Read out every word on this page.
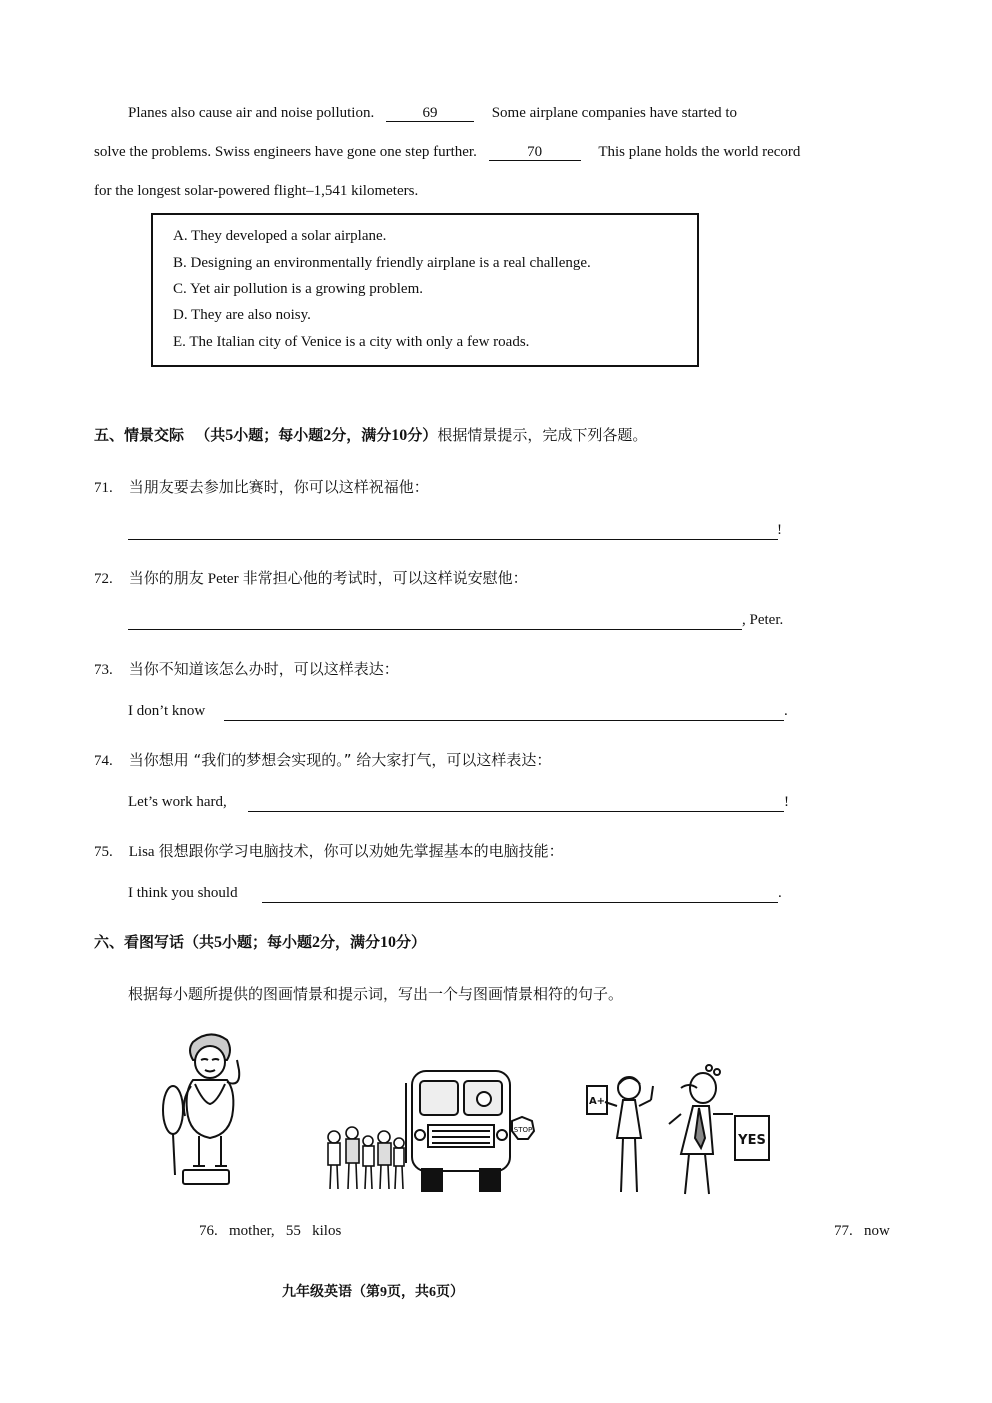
Planes also cause air and noise pollution.	69	Some airplane companies have started to
solve the problems. Swiss engineers have gone one step further.	70	This plane holds the world record
for the longest solar-powered flight–1,541 kilometers.
A. They developed a solar airplane.
B. Designing an environmentally friendly airplane is a real challenge.
C. Yet air pollution is a growing problem.
D. They are also noisy.
E. The Italian city of Venice is a city with only a few roads.
五、情景交际 （共5小题；每小题2分，满分10分）根据情景提示，完成下列各题。
71. 当朋友要去参加比赛时，你可以这样祝福他：
!
72. 当你的朋友 Peter 非常担心他的考试时，可以这样说安慰他：
, Peter.
73. 当你不知道该怎么办时，可以这样表达：
I don’t know	.
74. 当你想用 “我们的梦想会实现的。” 给大家打气，可以这样表达：
Let’s work hard,	!
75. Lisa 很想跟你学习电脑技术，你可以劝她先掌握基本的电脑技能：
I think you should	.
六、看图写话（共5小题；每小题2分，满分10分）
根据每小题所提供的图画情景和提示词，写出一个与图画情景相符的句子。
STOP
A+
YES
76.   mother,   55   kilos	77.   now
九年级英语（第9页，共6页）
